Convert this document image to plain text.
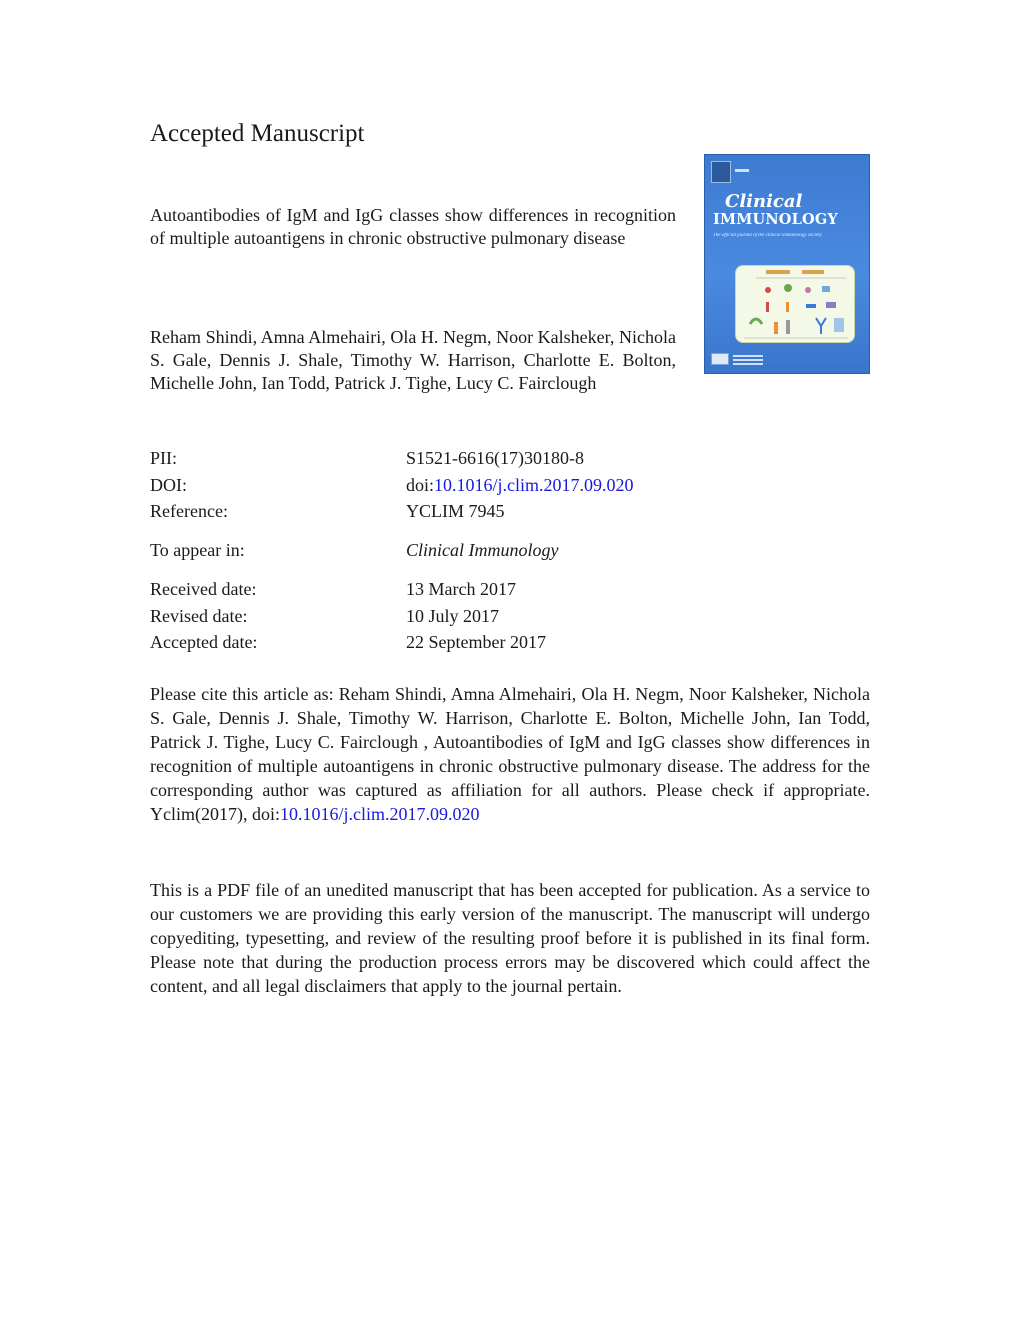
Accepted Manuscript
Clinical
IMMUNOLOGY
The official journal of the clinical immunology society
Autoantibodies of IgM and IgG classes show differences in recognition of multiple autoantigens in chronic obstructive pulmonary disease
Reham Shindi, Amna Almehairi, Ola H. Negm, Noor Kalsheker, Nichola S. Gale, Dennis J. Shale, Timothy W. Harrison, Charlotte E. Bolton, Michelle John, Ian Todd, Patrick J. Tighe, Lucy C. Fairclough
PII:	S1521-6616(17)30180-8
DOI:	doi:10.1016/j.clim.2017.09.020
Reference:	YCLIM 7945
To appear in:	Clinical Immunology
Received date:	13 March 2017
Revised date:	10 July 2017
Accepted date:	22 September 2017
Please cite this article as: Reham Shindi, Amna Almehairi, Ola H. Negm, Noor Kalsheker, Nichola S. Gale, Dennis J. Shale, Timothy W. Harrison, Charlotte E. Bolton, Michelle John, Ian Todd, Patrick J. Tighe, Lucy C. Fairclough , Autoantibodies of IgM and IgG classes show differences in recognition of multiple autoantigens in chronic obstructive pulmonary disease. The address for the corresponding author was captured as affiliation for all authors. Please check if appropriate. Yclim(2017), doi:10.1016/j.clim.2017.09.020
This is a PDF file of an unedited manuscript that has been accepted for publication. As a service to our customers we are providing this early version of the manuscript. The manuscript will undergo copyediting, typesetting, and review of the resulting proof before it is published in its final form. Please note that during the production process errors may be discovered which could affect the content, and all legal disclaimers that apply to the journal pertain.
